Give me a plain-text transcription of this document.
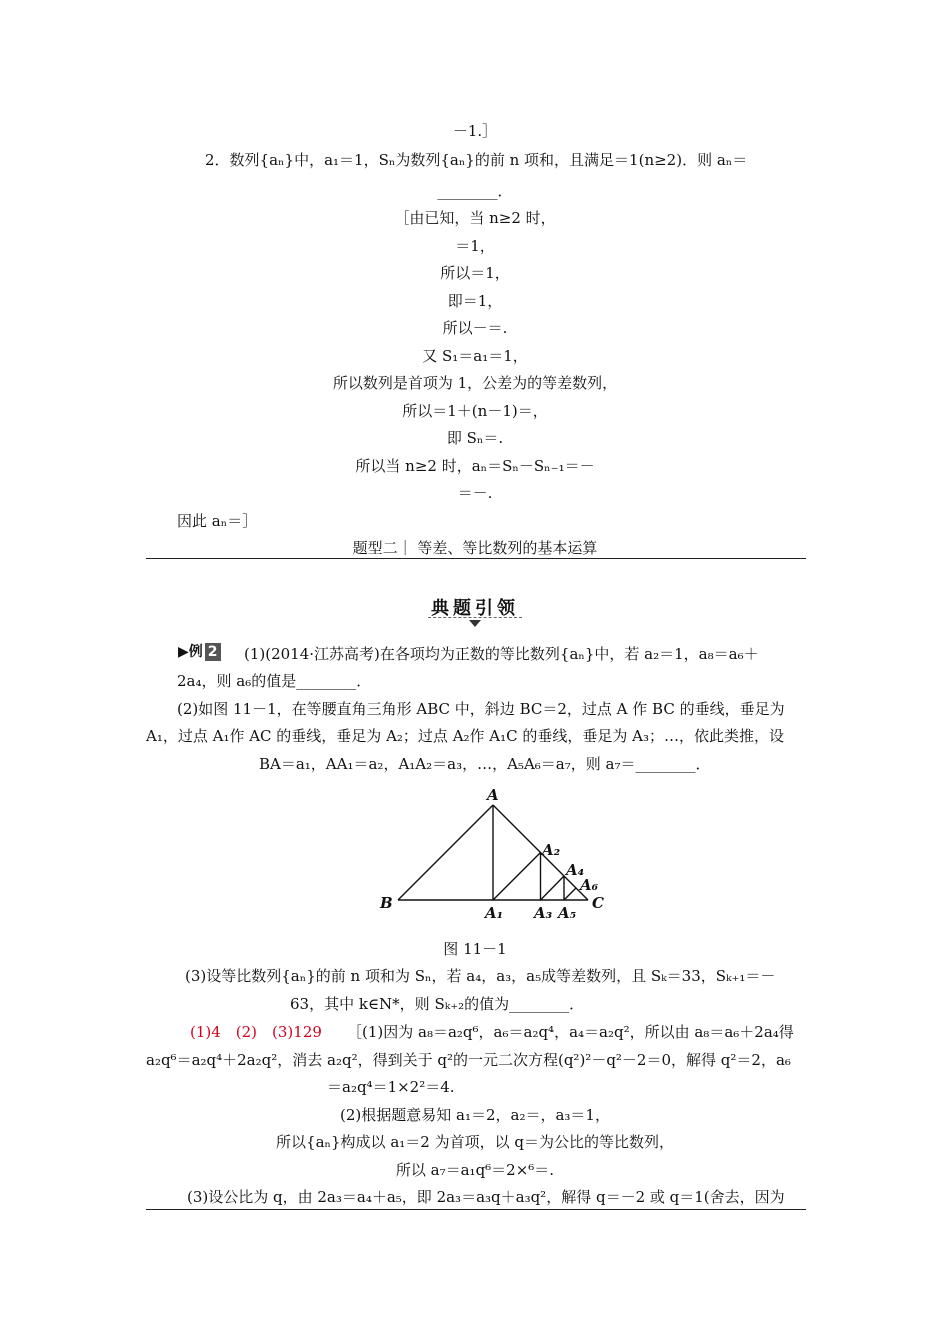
－1.］
2．数列{aₙ}中，a₁＝1，Sₙ为数列{aₙ}的前 n 项和，且满足＝1(n≥2)．则 aₙ＝
________．
［由已知，当 n≥2 时，
＝1，
所以＝1，
即＝1，
所以－＝.
又 S₁＝a₁＝1，
所以数列是首项为 1，公差为的等差数列，
所以＝1＋(n－1)＝，
即 Sₙ＝.
所以当 n≥2 时，aₙ＝Sₙ－Sₙ₋₁＝－
＝－.
因此 aₙ＝］
题型二｜ 等差、等比数列的基本运算
典题引领
▶例 2 (1)(2014·江苏高考)在各项均为正数的等比数列{aₙ}中，若 a₂＝1，a₈＝a₆＋
2a₄，则 a₆的值是________．
(2)如图 11－1，在等腰直角三角形 ABC 中，斜边 BC＝2，过点 A 作 BC 的垂线，垂足为
A₁，过点 A₁作 AC 的垂线，垂足为 A₂；过点 A₂作 A₁C 的垂线，垂足为 A₃；…，依此类推，设
BA＝a₁，AA₁＝a₂，A₁A₂＝a₃，…，A₅A₆＝a₇，则 a₇＝________．
A
B	C
A₁
A₂
A₃
A₄
A₅
A₆
图 11－1
(3)设等比数列{aₙ}的前 n 项和为 Sₙ，若 a₄，a₃，a₅成等差数列，且 Sₖ＝33，Sₖ₊₁＝－
63，其中 k∈N*，则 Sₖ₊₂的值为________．
(1)4　(2)　(3)129 ［(1)因为 a₈＝a₂q⁶，a₆＝a₂q⁴，a₄＝a₂q²，所以由 a₈＝a₆＋2a₄得
a₂q⁶＝a₂q⁴＋2a₂q²，消去 a₂q²，得到关于 q²的一元二次方程(q²)²－q²－2＝0，解得 q²＝2，a₆
＝a₂q⁴＝1×2²＝4.
(2)根据题意易知 a₁＝2，a₂＝，a₃＝1，
所以{aₙ}构成以 a₁＝2 为首项，以 q＝为公比的等比数列，
所以 a₇＝a₁q⁶＝2×⁶＝.
(3)设公比为 q，由 2a₃＝a₄＋a₅，即 2a₃＝a₃q＋a₃q²，解得 q＝－2 或 q＝1(舍去，因为
